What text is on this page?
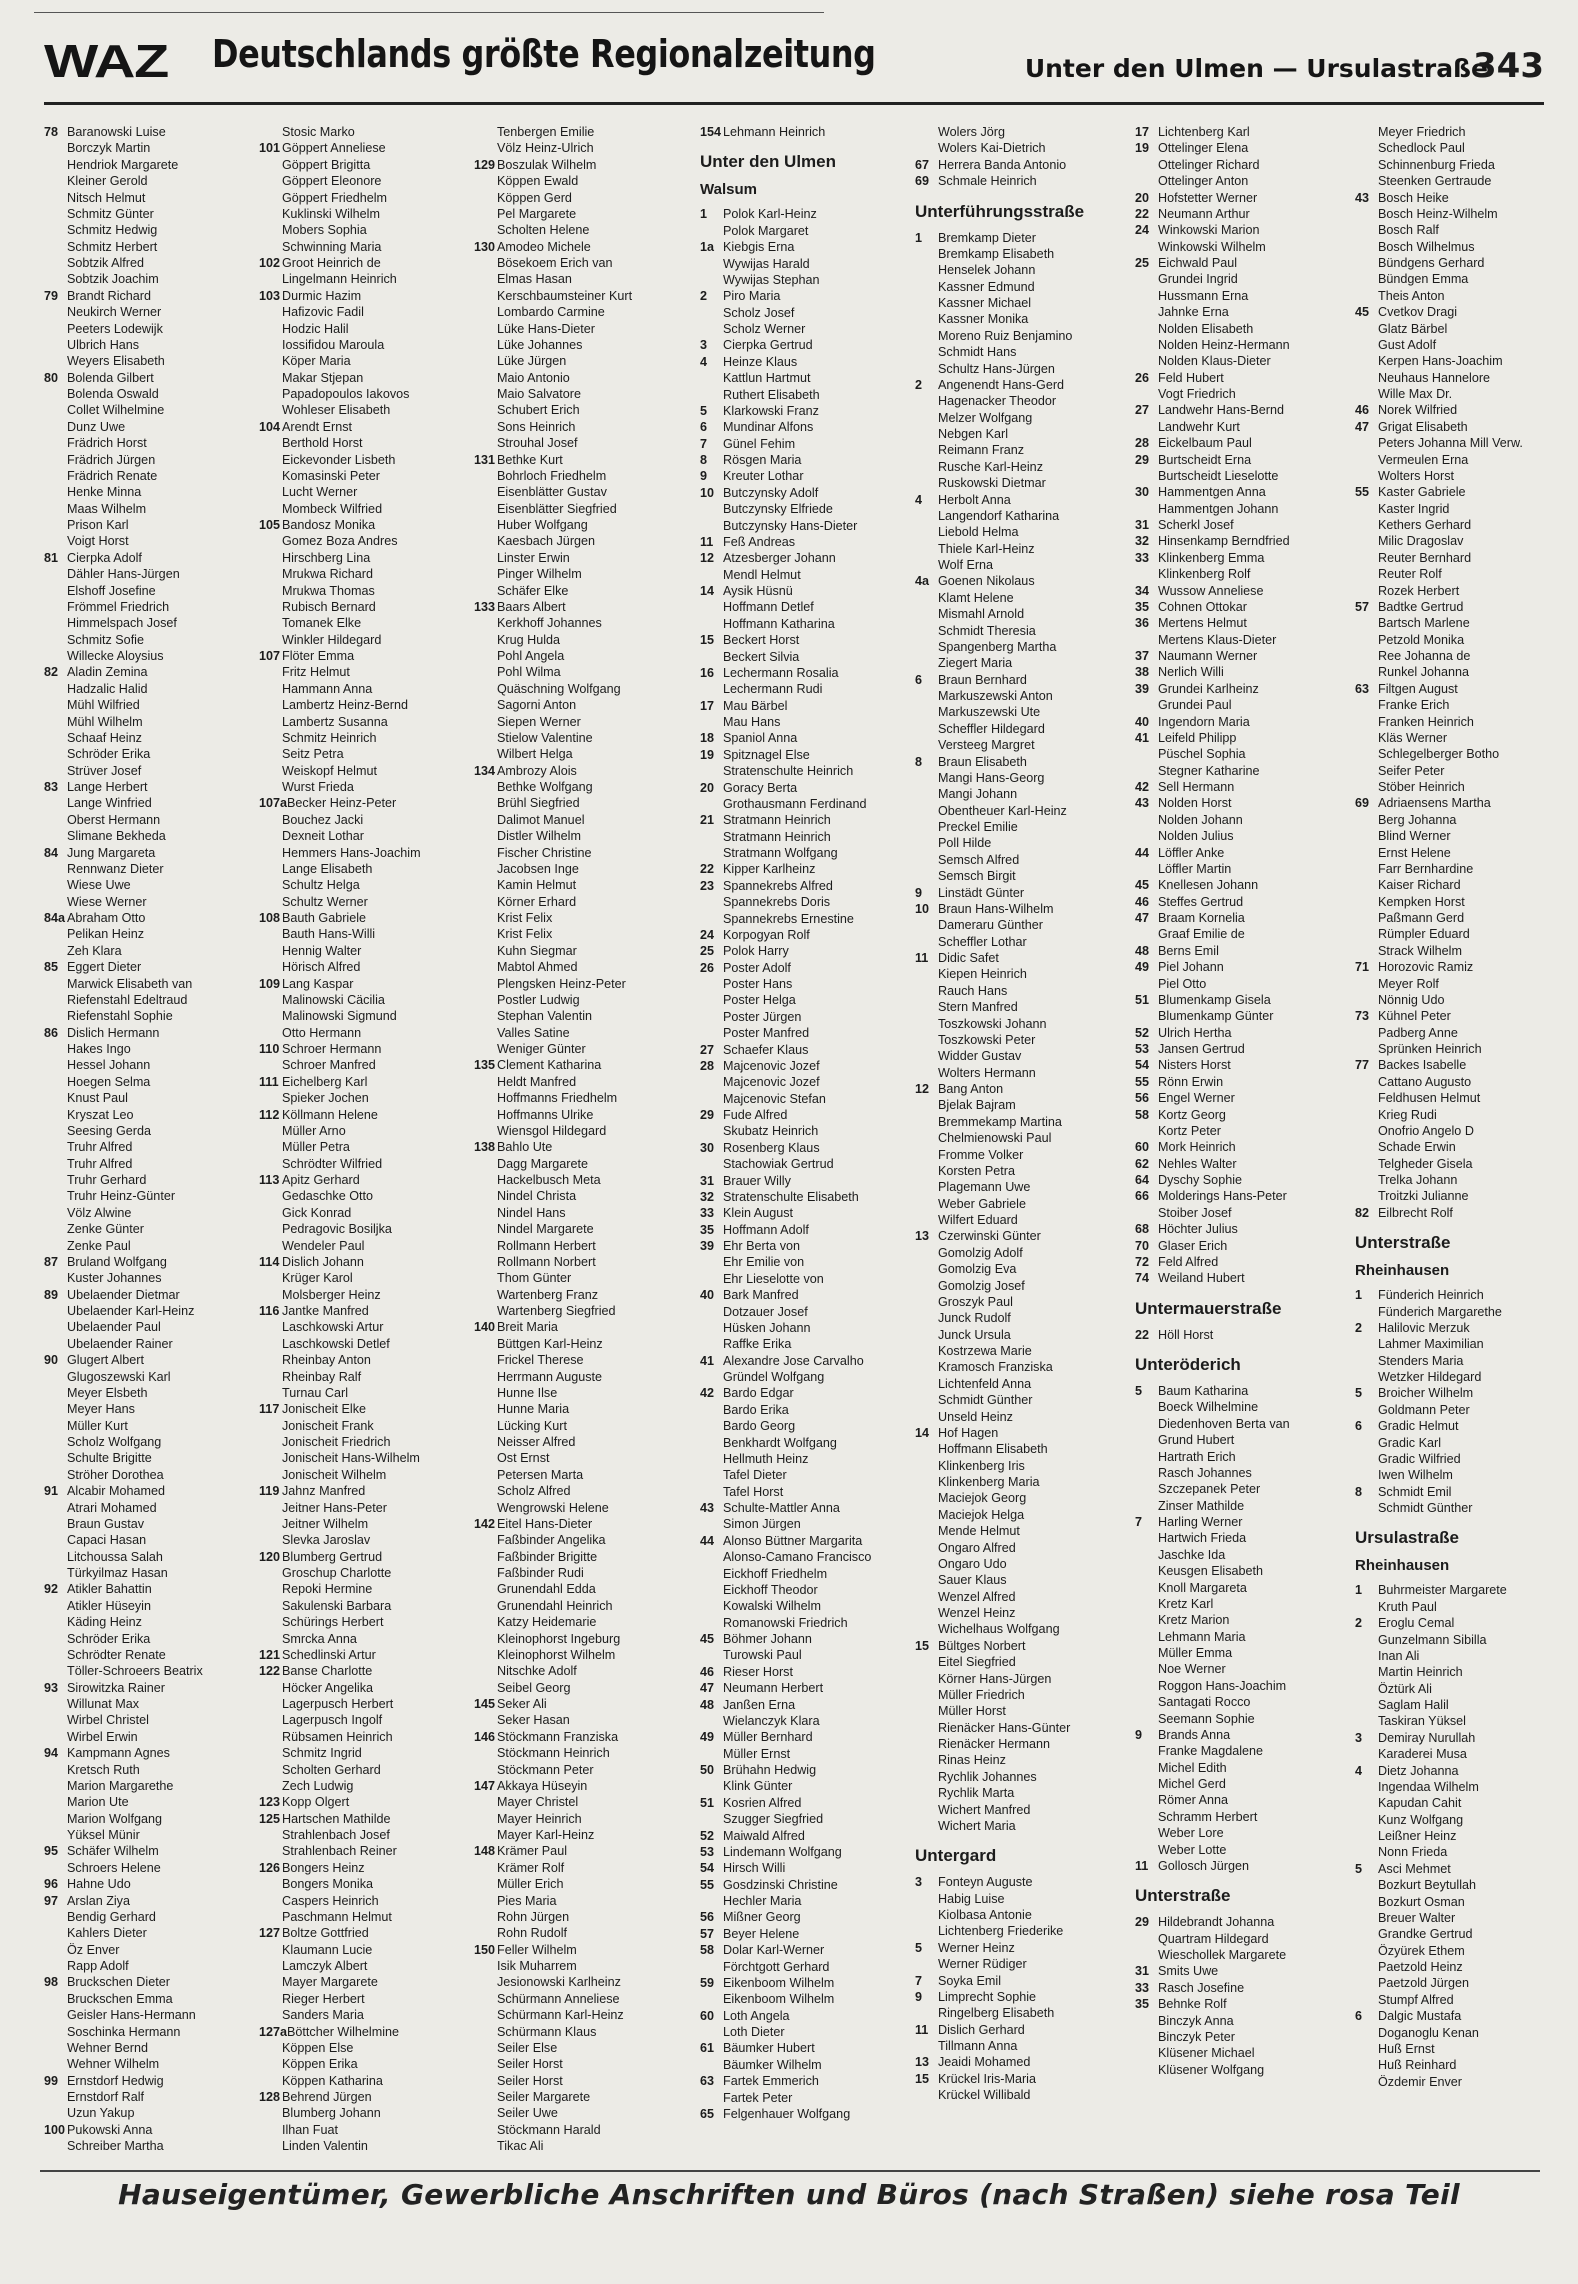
WAZ Deutschlands größte Regionalzeitung	Unter den Ulmen — Ursulastraße
343
78 Baranowski Luise
Borczyk Martin
Hendriok Margarete
Kleiner Gerold
Nitsch Helmut
Schmitz Günter
Schmitz Hedwig
Schmitz Herbert
Sobtzik Alfred
Sobtzik Joachim
79 Brandt Richard
Neukirch Werner
Peeters Lodewijk
Ulbrich Hans
Weyers Elisabeth
80 Bolenda Gilbert
Bolenda Oswald
Collet Wilhelmine
Dunz Uwe
Frädrich Horst
Frädrich Jürgen
Frädrich Renate
Henke Minna
Maas Wilhelm
Prison Karl
Voigt Horst
81 Cierpka Adolf
Dähler Hans-Jürgen
Elshoff Josefine
Frömmel Friedrich
Himmelspach Josef
Schmitz Sofie
Willecke Aloysius
82 Aladin Zemina
Hadzalic Halid
Mühl Wilfried
Mühl Wilhelm
Schaaf Heinz
Schröder Erika
Strüver Josef
83 Lange Herbert
Lange Winfried
Oberst Hermann
Slimane Bekheda
84 Jung Margareta
Rennwanz Dieter
Wiese Uwe
Wiese Werner
84a Abraham Otto
Pelikan Heinz
Zeh Klara
85 Eggert Dieter
Marwick Elisabeth van
Riefenstahl Edeltraud
Riefenstahl Sophie
86 Dislich Hermann
Hakes Ingo
Hessel Johann
Hoegen Selma
Knust Paul
Kryszat Leo
Seesing Gerda
Truhr Alfred
Truhr Alfred
Truhr Gerhard
Truhr Heinz-Günter
Völz Alwine
Zenke Günter
Zenke Paul
87 Bruland Wolfgang
Kuster Johannes
89 Ubelaender Dietmar
Ubelaender Karl-Heinz
Ubelaender Paul
Ubelaender Rainer
90 Glugert Albert
Glugoszewski Karl
Meyer Elsbeth
Meyer Hans
Müller Kurt
Scholz Wolfgang
Schulte Brigitte
Ströher Dorothea
91 Alcabir Mohamed
Atrari Mohamed
Braun Gustav
Capaci Hasan
Litchoussa Salah
Türkyilmaz Hasan
92 Atikler Bahattin
Atikler Hüseyin
Käding Heinz
Schröder Erika
Schrödter Renate
Töller-Schroeers Beatrix
93 Sirowitzka Rainer
Willunat Max
Wirbel Christel
Wirbel Erwin
94 Kampmann Agnes
Kretsch Ruth
Marion Margarethe
Marion Ute
Marion Wolfgang
Yüksel Münir
95 Schäfer Wilhelm
Schroers Helene
96 Hahne Udo
97 Arslan Ziya
Bendig Gerhard
Kahlers Dieter
Öz Enver
Rapp Adolf
98 Bruckschen Dieter
Bruckschen Emma
Geisler Hans-Hermann
Soschinka Hermann
Wehner Bernd
Wehner Wilhelm
99 Ernstdorf Hedwig
Ernstdorf Ralf
Uzun Yakup
100 Pukowski Anna
Schreiber Martha
Stosic Marko
101 Göppert Anneliese
Göppert Brigitta
Göppert Eleonore
Göppert Friedhelm
Kuklinski Wilhelm
Mobers Sophia
Schwinning Maria
102 Groot Heinrich de
Lingelmann Heinrich
103 Durmic Hazim
Hafizovic Fadil
Hodzic Halil
Iossifidou Maroula
Köper Maria
Makar Stjepan
Papadopoulos Iakovos
Wohleser Elisabeth
104 Arendt Ernst
Berthold Horst
Eickevonder Lisbeth
Komasinski Peter
Lucht Werner
Mombeck Wilfried
105 Bandosz Monika
Gomez Boza Andres
Hirschberg Lina
Mrukwa Richard
Mrukwa Thomas
Rubisch Bernard
Tomanek Elke
Winkler Hildegard
107 Flöter Emma
Fritz Helmut
Hammann Anna
Lambertz Heinz-Bernd
Lambertz Susanna
Schmitz Heinrich
Seitz Petra
Weiskopf Helmut
Wurst Frieda
107aBecker Heinz-Peter
Bouchez Jacki
Dexneit Lothar
Hemmers Hans-Joachim
Lange Elisabeth
Schultz Helga
Schultz Werner
108 Bauth Gabriele
Bauth Hans-Willi
Hennig Walter
Hörisch Alfred
109 Lang Kaspar
Malinowski Cäcilia
Malinowski Sigmund
Otto Hermann
110 Schroer Hermann
Schroer Manfred
111 Eichelberg Karl
Spieker Jochen
112 Köllmann Helene
Müller Arno
Müller Petra
Schrödter Wilfried
113 Apitz Gerhard
Gedaschke Otto
Gick Konrad
Pedragovic Bosiljka
Wendeler Paul
114 Dislich Johann
Krüger Karol
Molsberger Heinz
116 Jantke Manfred
Laschkowski Artur
Laschkowski Detlef
Rheinbay Anton
Rheinbay Ralf
Turnau Carl
117 Jonischeit Elke
Jonischeit Frank
Jonischeit Friedrich
Jonischeit Hans-Wilhelm
Jonischeit Wilhelm
119 Jahnz Manfred
Jeitner Hans-Peter
Jeitner Wilhelm
Slevka Jaroslav
120 Blumberg Gertrud
Groschup Charlotte
Repoki Hermine
Sakulenski Barbara
Schürings Herbert
Smrcka Anna
121 Schedlinski Artur
122 Banse Charlotte
Höcker Angelika
Lagerpusch Herbert
Lagerpusch Ingolf
Rübsamen Heinrich
Schmitz Ingrid
Scholten Gerhard
Zech Ludwig
123 Kopp Olgert
125 Hartschen Mathilde
Strahlenbach Josef
Strahlenbach Reiner
126 Bongers Heinz
Bongers Monika
Caspers Heinrich
Paschmann Helmut
127 Boltze Gottfried
Klaumann Lucie
Lamczyk Albert
Mayer Margarete
Rieger Herbert
Sanders Maria
127aBöttcher Wilhelmine
Köppen Else
Köppen Erika
Köppen Katharina
128 Behrend Jürgen
Blumberg Johann
Ilhan Fuat
Linden Valentin
Tenbergen Emilie
Völz Heinz-Ulrich
129 Boszulak Wilhelm
Köppen Ewald
Köppen Gerd
Pel Margarete
Scholten Helene
130 Amodeo Michele
Bösekoem Erich van
Elmas Hasan
Kerschbaumsteiner Kurt
Lombardo Carmine
Lüke Hans-Dieter
Lüke Johannes
Lüke Jürgen
Maio Antonio
Maio Salvatore
Schubert Erich
Sons Heinrich
Strouhal Josef
131 Bethke Kurt
Bohrloch Friedhelm
Eisenblätter Gustav
Eisenblätter Siegfried
Huber Wolfgang
Kaesbach Jürgen
Linster Erwin
Pinger Wilhelm
Schäfer Elke
133 Baars Albert
Kerkhoff Johannes
Krug Hulda
Pohl Angela
Pohl Wilma
Quäschning Wolfgang
Sagorni Anton
Siepen Werner
Stielow Valentine
Wilbert Helga
134 Ambrozy Alois
Bethke Wolfgang
Brühl Siegfried
Dalimot Manuel
Distler Wilhelm
Fischer Christine
Jacobsen Inge
Kamin Helmut
Körner Erhard
Krist Felix
Krist Felix
Kuhn Siegmar
Mabtol Ahmed
Plengsken Heinz-Peter
Postler Ludwig
Stephan Valentin
Valles Satine
Weniger Günter
135 Clement Katharina
Heldt Manfred
Hoffmanns Friedhelm
Hoffmanns Ulrike
Wiensgol Hildegard
138 Bahlo Ute
Dagg Margarete
Hackelbusch Meta
Nindel Christa
Nindel Hans
Nindel Margarete
Rollmann Herbert
Rollmann Norbert
Thom Günter
Wartenberg Franz
Wartenberg Siegfried
140 Breit Maria
Büttgen Karl-Heinz
Frickel Therese
Herrmann Auguste
Hunne Ilse
Hunne Maria
Lücking Kurt
Neisser Alfred
Ost Ernst
Petersen Marta
Scholz Alfred
Wengrowski Helene
142 Eitel Hans-Dieter
Faßbinder Angelika
Faßbinder Brigitte
Faßbinder Rudi
Grunendahl Edda
Grunendahl Heinrich
Katzy Heidemarie
Kleinophorst Ingeburg
Kleinophorst Wilhelm
Nitschke Adolf
Seibel Georg
145 Seker Ali
Seker Hasan
146 Stöckmann Franziska
Stöckmann Heinrich
Stöckmann Peter
147 Akkaya Hüseyin
Mayer Christel
Mayer Heinrich
Mayer Karl-Heinz
148 Krämer Paul
Krämer Rolf
Müller Erich
Pies Maria
Rohn Jürgen
Rohn Rudolf
150 Feller Wilhelm
Isik Muharrem
Jesionowski Karlheinz
Schürmann Anneliese
Schürmann Karl-Heinz
Schürmann Klaus
Seiler Else
Seiler Horst
Seiler Horst
Seiler Margarete
Seiler Uwe
Stöckmann Harald
Tikac Ali
154 Lehmann Heinrich
Unter den Ulmen
Walsum
1 Polok Karl-Heinz
Polok Margaret
1a Kiebgis Erna
Wywijas Harald
Wywijas Stephan
2 Piro Maria
Scholz Josef
Scholz Werner
3 Cierpka Gertrud
4 Heinze Klaus
Kattlun Hartmut
Ruthert Elisabeth
5 Klarkowski Franz
6 Mundinar Alfons
7 Günel Fehim
8 Rösgen Maria
9 Kreuter Lothar
10 Butczynsky Adolf
Butczynsky Elfriede
Butczynsky Hans-Dieter
11 Feß Andreas
12 Atzesberger Johann
Mendl Helmut
14 Aysik Hüsnü
Hoffmann Detlef
Hoffmann Katharina
15 Beckert Horst
Beckert Silvia
16 Lechermann Rosalia
Lechermann Rudi
17 Mau Bärbel
Mau Hans
18 Spaniol Anna
19 Spitznagel Else
Stratenschulte Heinrich
20 Goracy Berta
Grothausmann Ferdinand
21 Stratmann Heinrich
Stratmann Heinrich
Stratmann Wolfgang
22 Kipper Karlheinz
23 Spannekrebs Alfred
Spannekrebs Doris
Spannekrebs Ernestine
24 Korpogyan Rolf
25 Polok Harry
26 Poster Adolf
Poster Hans
Poster Helga
Poster Jürgen
Poster Manfred
27 Schaefer Klaus
28 Majcenovic Jozef
Majcenovic Jozef
Majcenovic Stefan
29 Fude Alfred
Skubatz Heinrich
30 Rosenberg Klaus
Stachowiak Gertrud
31 Brauer Willy
32 Stratenschulte Elisabeth
33 Klein August
35 Hoffmann Adolf
39 Ehr Berta von
Ehr Emilie von
Ehr Lieselotte von
40 Bark Manfred
Dotzauer Josef
Hüsken Johann
Raffke Erika
41 Alexandre Jose Carvalho
Gründel Wolfgang
42 Bardo Edgar
Bardo Erika
Bardo Georg
Benkhardt Wolfgang
Hellmuth Heinz
Tafel Dieter
Tafel Horst
43 Schulte-Mattler Anna
Simon Jürgen
44 Alonso Büttner Margarita
Alonso-Camano Francisco
Eickhoff Friedhelm
Eickhoff Theodor
Kowalski Wilhelm
Romanowski Friedrich
45 Böhmer Johann
Turowski Paul
46 Rieser Horst
47 Neumann Herbert
48 Janßen Erna
Wielanczyk Klara
49 Müller Bernhard
Müller Ernst
50 Brühahn Hedwig
Klink Günter
51 Kosrien Alfred
Szugger Siegfried
52 Maiwald Alfred
53 Lindemann Wolfgang
54 Hirsch Willi
55 Gosdzinski Christine
Hechler Maria
56 Mißner Georg
57 Beyer Helene
58 Dolar Karl-Werner
Förchtgott Gerhard
59 Eikenboom Wilhelm
Eikenboom Wilhelm
60 Loth Angela
Loth Dieter
61 Bäumker Hubert
Bäumker Wilhelm
63 Fartek Emmerich
Fartek Peter
65 Felgenhauer Wolfgang
Wolers Jörg
Wolers Kai-Dietrich
67 Herrera Banda Antonio
69 Schmale Heinrich
Unterführungsstraße
1 Bremkamp Dieter
Bremkamp Elisabeth
Henselek Johann
Kassner Edmund
Kassner Michael
Kassner Monika
Moreno Ruiz Benjamino
Schmidt Hans
Schultz Hans-Jürgen
2 Angenendt Hans-Gerd
Hagenacker Theodor
Melzer Wolfgang
Nebgen Karl
Reimann Franz
Rusche Karl-Heinz
Ruskowski Dietmar
4 Herbolt Anna
Langendorf Katharina
Liebold Helma
Thiele Karl-Heinz
Wolf Erna
4a Goenen Nikolaus
Klamt Helene
Mismahl Arnold
Schmidt Theresia
Spangenberg Martha
Ziegert Maria
6 Braun Bernhard
Markuszewski Anton
Markuszewski Ute
Scheffler Hildegard
Versteeg Margret
8 Braun Elisabeth
Mangi Hans-Georg
Mangi Johann
Obentheuer Karl-Heinz
Preckel Emilie
Poll Hilde
Semsch Alfred
Semsch Birgit
9 Linstädt Günter
10 Braun Hans-Wilhelm
Dameraru Günther
Scheffler Lothar
11 Didic Safet
Kiepen Heinrich
Rauch Hans
Stern Manfred
Toszkowski Johann
Toszkowski Peter
Widder Gustav
Wolters Hermann
12 Bang Anton
Bjelak Bajram
Bremmekamp Martina
Chelmienowski Paul
Fromme Volker
Korsten Petra
Plagemann Uwe
Weber Gabriele
Wilfert Eduard
13 Czerwinski Günter
Gomolzig Adolf
Gomolzig Eva
Gomolzig Josef
Groszyk Paul
Junck Rudolf
Junck Ursula
Kostrzewa Marie
Kramosch Franziska
Lichtenfeld Anna
Schmidt Günther
Unseld Heinz
14 Hof Hagen
Hoffmann Elisabeth
Klinkenberg Iris
Klinkenberg Maria
Maciejok Georg
Maciejok Helga
Mende Helmut
Ongaro Alfred
Ongaro Udo
Sauer Klaus
Wenzel Alfred
Wenzel Heinz
Wichelhaus Wolfgang
15 Bültges Norbert
Eitel Siegfried
Körner Hans-Jürgen
Müller Friedrich
Müller Horst
Rienäcker Hans-Günter
Rienäcker Hermann
Rinas Heinz
Rychlik Johannes
Rychlik Marta
Wichert Manfred
Wichert Maria
Untergard
3 Fonteyn Auguste
Habig Luise
Kiolbasa Antonie
Lichtenberg Friederike
5 Werner Heinz
Werner Rüdiger
7 Soyka Emil
9 Limprecht Sophie
Ringelberg Elisabeth
11 Dislich Gerhard
Tillmann Anna
13 Jeaidi Mohamed
15 Krückel Iris-Maria
Krückel Willibald
17 Lichtenberg Karl
19 Ottelinger Elena
Ottelinger Richard
Ottelinger Anton
20 Hofstetter Werner
22 Neumann Arthur
24 Winkowski Marion
Winkowski Wilhelm
25 Eichwald Paul
Grundei Ingrid
Hussmann Erna
Jahnke Erna
Nolden Elisabeth
Nolden Heinz-Hermann
Nolden Klaus-Dieter
26 Feld Hubert
Vogt Friedrich
27 Landwehr Hans-Bernd
Landwehr Kurt
28 Eickelbaum Paul
29 Burtscheidt Erna
Burtscheidt Lieselotte
30 Hammentgen Anna
Hammentgen Johann
31 Scherkl Josef
32 Hinsenkamp Berndfried
33 Klinkenberg Emma
Klinkenberg Rolf
34 Wussow Anneliese
35 Cohnen Ottokar
36 Mertens Helmut
Mertens Klaus-Dieter
37 Naumann Werner
38 Nerlich Willi
39 Grundei Karlheinz
Grundei Paul
40 Ingendorn Maria
41 Leifeld Philipp
Püschel Sophia
Stegner Katharine
42 Sell Hermann
43 Nolden Horst
Nolden Johann
Nolden Julius
44 Löffler Anke
Löffler Martin
45 Knellesen Johann
46 Steffes Gertrud
47 Braam Kornelia
Graaf Emilie de
48 Berns Emil
49 Piel Johann
Piel Otto
51 Blumenkamp Gisela
Blumenkamp Günter
52 Ulrich Hertha
53 Jansen Gertrud
54 Nisters Horst
55 Rönn Erwin
56 Engel Werner
58 Kortz Georg
Kortz Peter
60 Mork Heinrich
62 Nehles Walter
64 Dyschy Sophie
66 Molderings Hans-Peter
Stoiber Josef
68 Höchter Julius
70 Glaser Erich
72 Feld Alfred
74 Weiland Hubert
Untermauerstraße
22 Höll Horst
Unteröderich
5 Baum Katharina
Boeck Wilhelmine
Diedenhoven Berta van
Grund Hubert
Hartrath Erich
Rasch Johannes
Szczepanek Peter
Zinser Mathilde
7 Harling Werner
Hartwich Frieda
Jaschke Ida
Keusgen Elisabeth
Knoll Margareta
Kretz Karl
Kretz Marion
Lehmann Maria
Müller Emma
Noe Werner
Roggon Hans-Joachim
Santagati Rocco
Seemann Sophie
9 Brands Anna
Franke Magdalene
Michel Edith
Michel Gerd
Römer Anna
Schramm Herbert
Weber Lore
Weber Lotte
11 Gollosch Jürgen
Unterstraße
29 Hildebrandt Johanna
Quartram Hildegard
Wieschollek Margarete
31 Smits Uwe
33 Rasch Josefine
35 Behnke Rolf
Binczyk Anna
Binczyk Peter
Klüsener Michael
Klüsener Wolfgang
Meyer Friedrich
Schedlock Paul
Schinnenburg Frieda
Steenken Gertraude
43 Bosch Heike
Bosch Heinz-Wilhelm
Bosch Ralf
Bosch Wilhelmus
Bündgens Gerhard
Bündgen Emma
Theis Anton
45 Cvetkov Dragi
Glatz Bärbel
Gust Adolf
Kerpen Hans-Joachim
Neuhaus Hannelore
Wille Max Dr.
46 Norek Wilfried
47 Grigat Elisabeth
Peters Johanna Mill Verw.
Vermeulen Erna
Wolters Horst
55 Kaster Gabriele
Kaster Ingrid
Kethers Gerhard
Milic Dragoslav
Reuter Bernhard
Reuter Rolf
Rozek Herbert
57 Badtke Gertrud
Bartsch Marlene
Petzold Monika
Ree Johanna de
Runkel Johanna
63 Filtgen August
Franke Erich
Franken Heinrich
Kläs Werner
Schlegelberger Botho
Seifer Peter
Stöber Heinrich
69 Adriaensens Martha
Berg Johanna
Blind Werner
Ernst Helene
Farr Bernhardine
Kaiser Richard
Kempken Horst
Paßmann Gerd
Rümpler Eduard
Strack Wilhelm
71 Horozovic Ramiz
Meyer Rolf
Nönnig Udo
73 Kühnel Peter
Padberg Anne
Sprünken Heinrich
77 Backes Isabelle
Cattano Augusto
Feldhusen Helmut
Krieg Rudi
Onofrio Angelo D
Schade Erwin
Telgheder Gisela
Trelka Johann
Troitzki Julianne
82 Eilbrecht Rolf
Unterstraße
Rheinhausen
1 Fünderich Heinrich
Fünderich Margarethe
2 Halilovic Merzuk
Lahmer Maximilian
Stenders Maria
Wetzker Hildegard
5 Broicher Wilhelm
Goldmann Peter
6 Gradic Helmut
Gradic Karl
Gradic Wilfried
Iwen Wilhelm
8 Schmidt Emil
Schmidt Günther
Ursulastraße
Rheinhausen
1 Buhrmeister Margarete
Kruth Paul
2 Eroglu Cemal
Gunzelmann Sibilla
Inan Ali
Martin Heinrich
Öztürk Ali
Saglam Halil
Taskiran Yüksel
3 Demiray Nurullah
Karaderei Musa
4 Dietz Johanna
Ingendaa Wilhelm
Kapudan Cahit
Kunz Wolfgang
Leißner Heinz
Nonn Frieda
5 Asci Mehmet
Bozkurt Beytullah
Bozkurt Osman
Breuer Walter
Grandke Gertrud
Özyürek Ethem
Paetzold Heinz
Paetzold Jürgen
Stumpf Alfred
6 Dalgic Mustafa
Doganoglu Kenan
Huß Ernst
Huß Reinhard
Özdemir Enver
Hauseigentümer, Gewerbliche Anschriften und Büros (nach Straßen) siehe rosa Teil
